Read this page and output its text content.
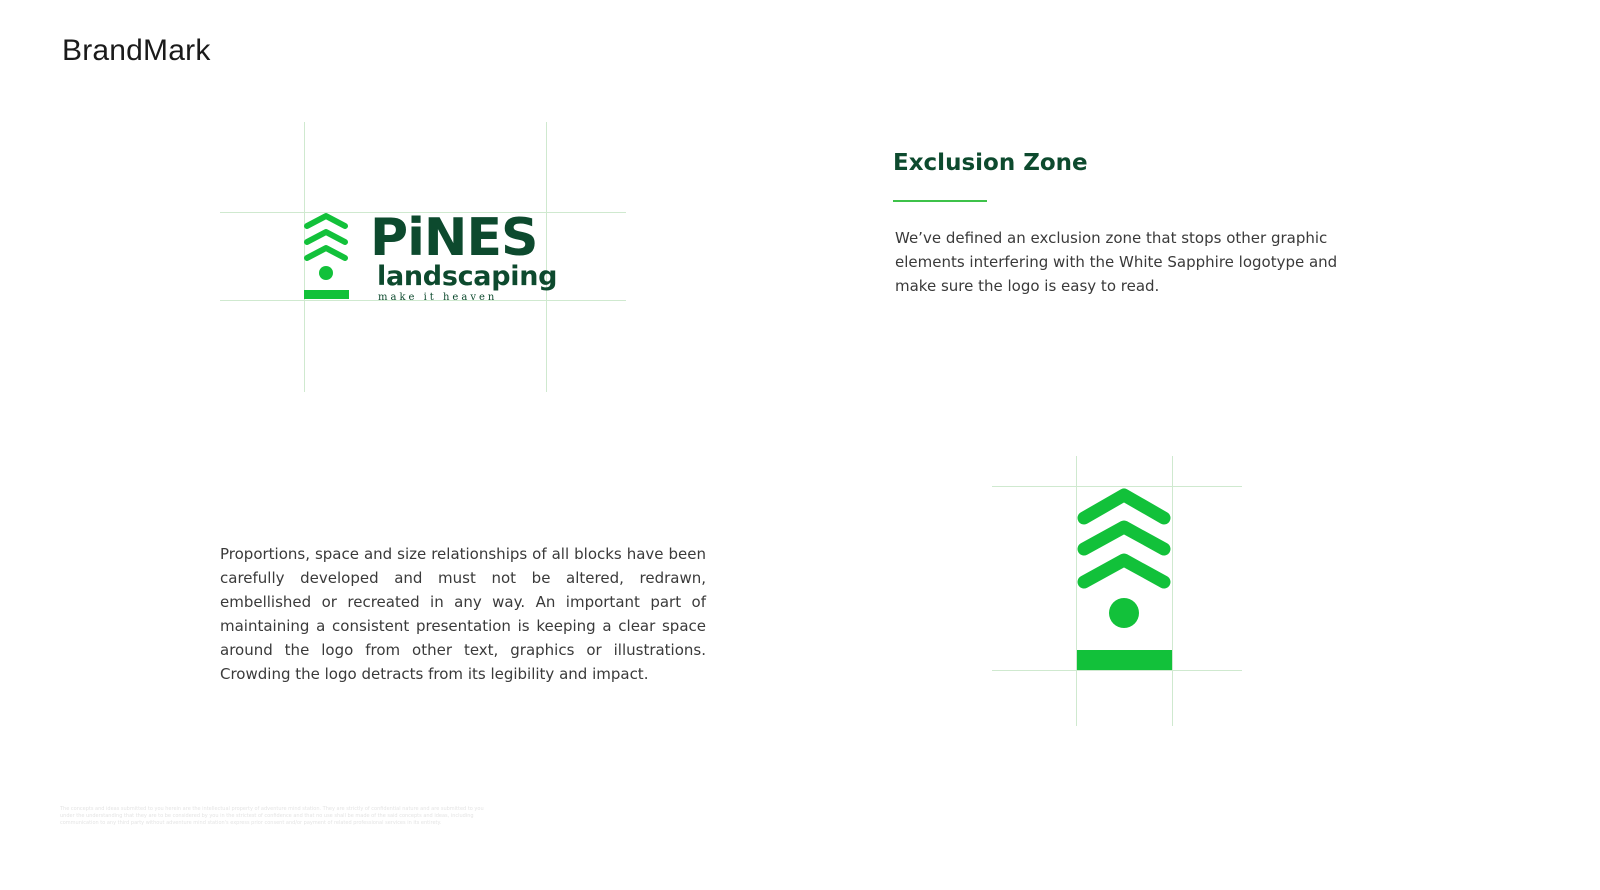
BrandMark
PiNES
landscaping
make it heaven
Exclusion Zone
We’ve defined an exclusion zone that stops other graphic elements interfering with the White Sapphire logotype and make sure the logo is easy to read.
Proportions, space and size relationships of all blocks have been carefully developed and must not be altered, redrawn, embellished or recreated in any way. An important part of maintaining a consistent presentation is keeping a clear space around the logo from other text, graphics or illustrations. Crowding the logo detracts from its legibility and impact.
The concepts and ideas submitted to you herein are the intellectual property of adventure mind station. They are strictly of confidential nature and are submitted to you under the understanding that they are to be considered by you in the strictest of confidence and that no use shall be made of the said concepts and ideas, including communication to any third party without adventure mind station's express prior consent and/or payment of related professional services in its entirety.
